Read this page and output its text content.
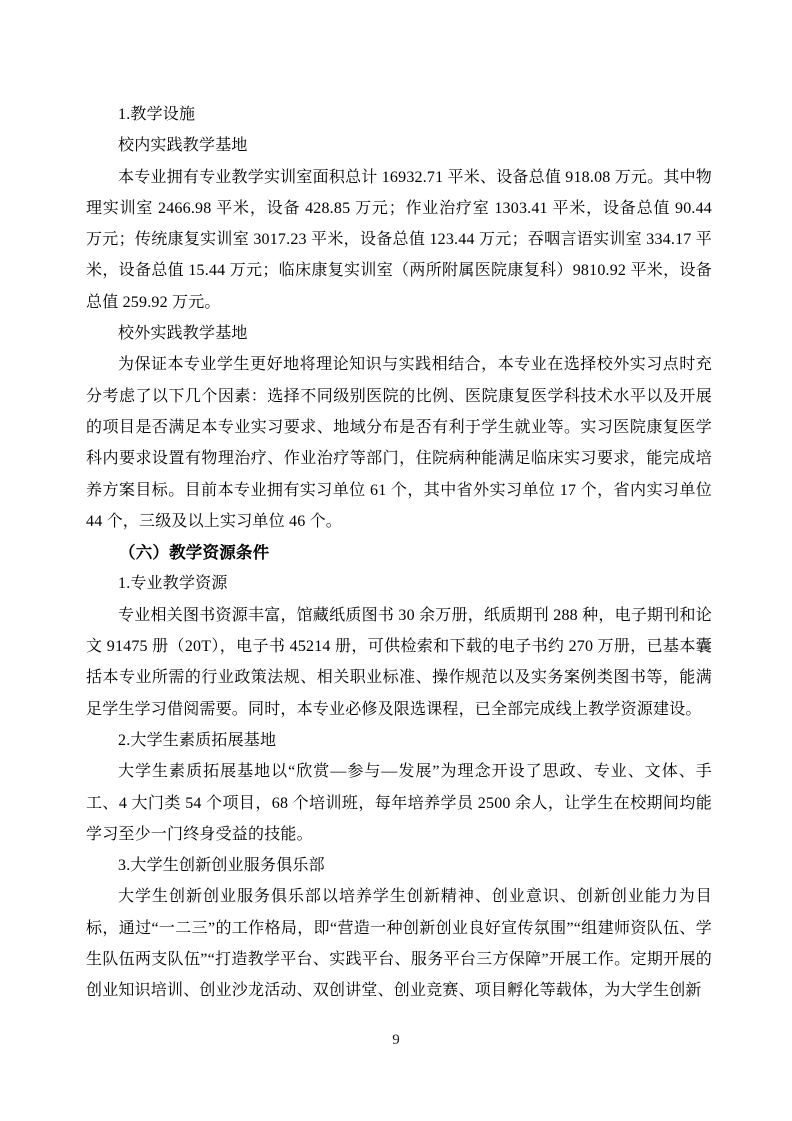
1.教学设施

校内实践教学基地

本专业拥有专业教学实训室面积总计 16932.71 平米、设备总值 918.08 万元。其中物理实训室 2466.98 平米，设备 428.85 万元；作业治疗室 1303.41 平米，设备总值 90.44 万元；传统康复实训室 3017.23 平米，设备总值 123.44 万元；吞咽言语实训室 334.17 平米，设备总值 15.44 万元；临床康复实训室（两所附属医院康复科）9810.92 平米，设备总值 259.92 万元。

校外实践教学基地

为保证本专业学生更好地将理论知识与实践相结合，本专业在选择校外实习点时充分考虑了以下几个因素：选择不同级别医院的比例、医院康复医学科技术水平以及开展的项目是否满足本专业实习要求、地域分布是否有利于学生就业等。实习医院康复医学科内要求设置有物理治疗、作业治疗等部门，住院病种能满足临床实习要求，能完成培养方案目标。目前本专业拥有实习单位 61 个，其中省外实习单位 17 个，省内实习单位 44 个，三级及以上实习单位 46 个。

（六）教学资源条件

1.专业教学资源

专业相关图书资源丰富，馆藏纸质图书 30 余万册，纸质期刊 288 种，电子期刊和论文 91475 册（20T），电子书 45214 册，可供检索和下载的电子书约 270 万册，已基本囊括本专业所需的行业政策法规、相关职业标准、操作规范以及实务案例类图书等，能满足学生学习借阅需要。同时，本专业必修及限选课程，已全部完成线上教学资源建设。

2.大学生素质拓展基地

大学生素质拓展基地以“欣赏—参与—发展”为理念开设了思政、专业、文体、手工、4 大门类 54 个项目，68 个培训班，每年培养学员 2500 余人，让学生在校期间均能学习至少一门终身受益的技能。

3.大学生创新创业服务俱乐部

大学生创新创业服务俱乐部以培养学生创新精神、创业意识、创新创业能力为目标，通过“一二三”的工作格局，即“营造一种创新创业良好宣传氛围”“组建师资队伍、学生队伍两支队伍”“打造教学平台、实践平台、服务平台三方保障”开展工作。定期开展的创业知识培训、创业沙龙活动、双创讲堂、创业竞赛、项目孵化等载体，为大学生创新

9
